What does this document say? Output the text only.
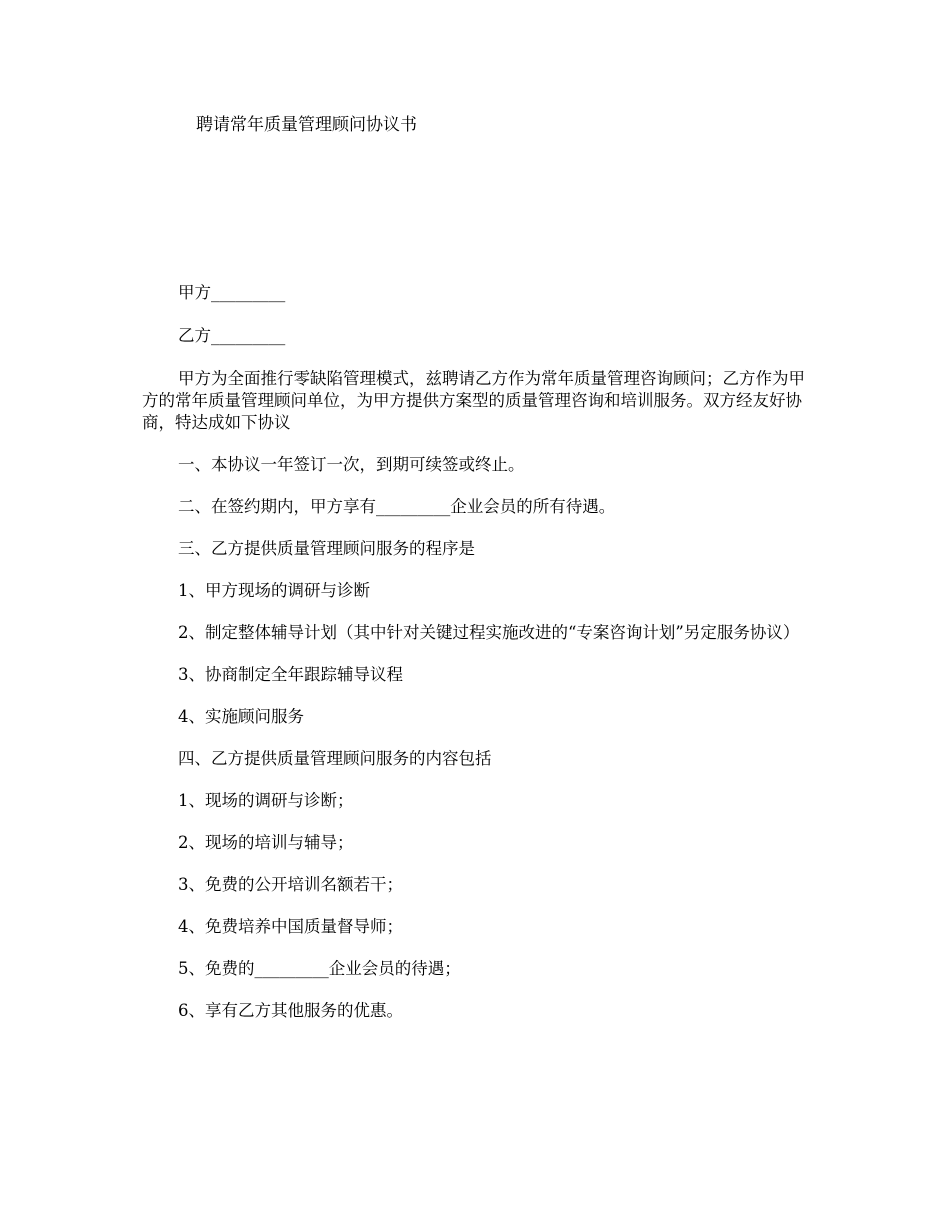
聘请常年质量管理顾问协议书

甲方_________

乙方_________

甲方为全面推行零缺陷管理模式，兹聘请乙方作为常年质量管理咨询顾问；乙方作为甲方的常年质量管理顾问单位，为甲方提供方案型的质量管理咨询和培训服务。双方经友好协商，特达成如下协议

一、本协议一年签订一次，到期可续签或终止。

二、在签约期内，甲方享有_________企业会员的所有待遇。

三、乙方提供质量管理顾问服务的程序是

1、甲方现场的调研与诊断

2、制定整体辅导计划（其中针对关键过程实施改进的“专案咨询计划”另定服务协议）

3、协商制定全年跟踪辅导议程

4、实施顾问服务

四、乙方提供质量管理顾问服务的内容包括

1、现场的调研与诊断；

2、现场的培训与辅导；

3、免费的公开培训名额若干；

4、免费培养中国质量督导师；

5、免费的_________企业会员的待遇；

6、享有乙方其他服务的优惠。
